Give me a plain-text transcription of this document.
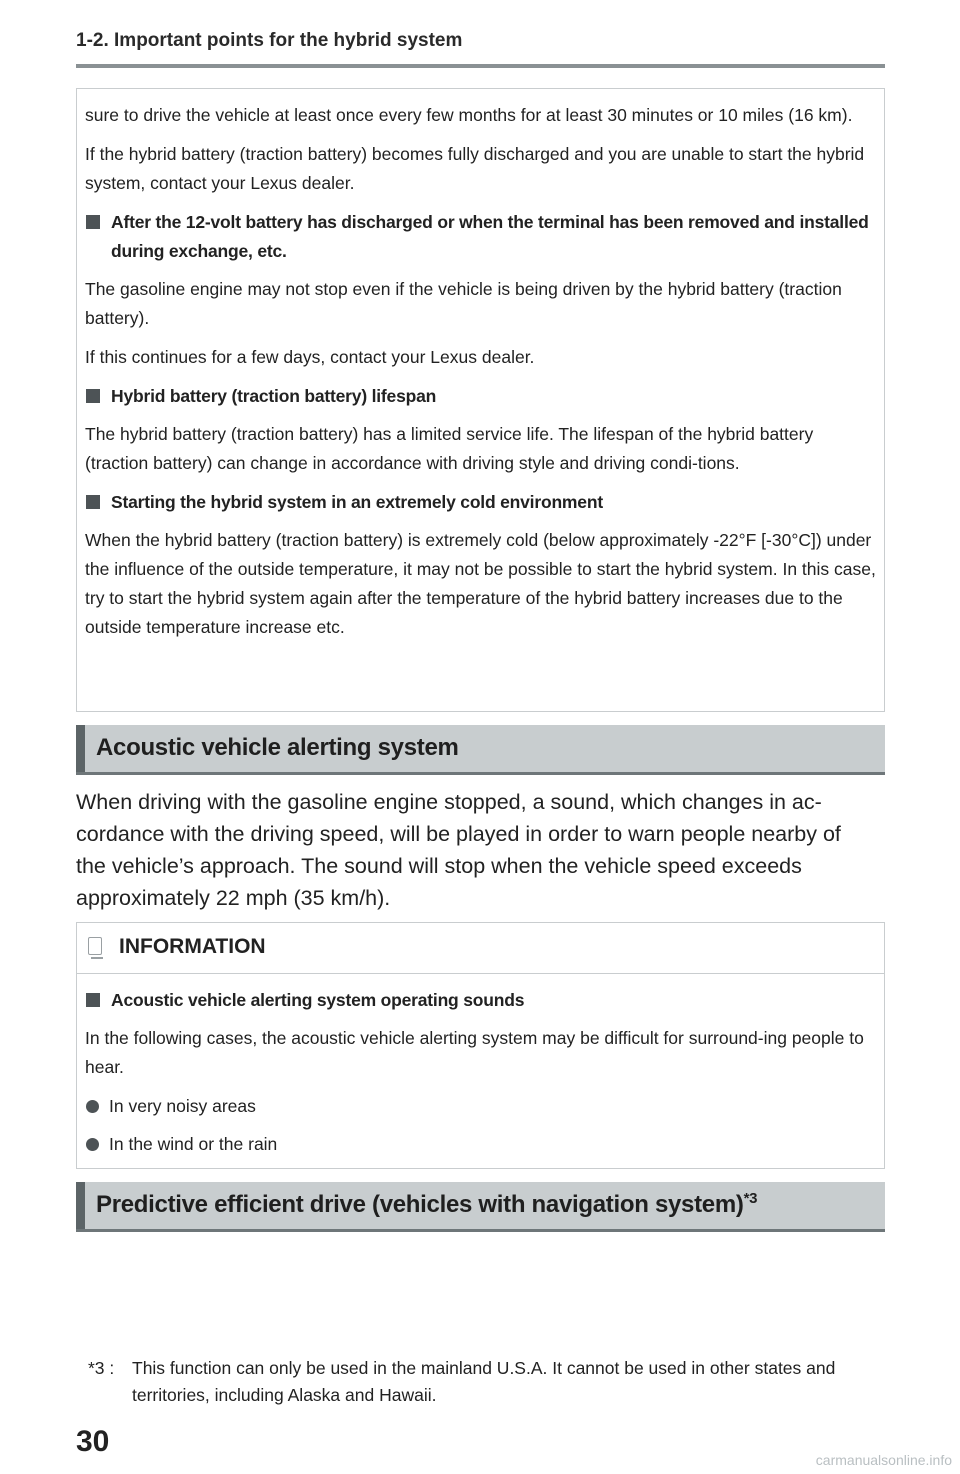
1-2. Important points for the hybrid system

sure to drive the vehicle at least once every few months for at least 30 minutes or 10 miles (16 km).

If the hybrid battery (traction battery) becomes fully discharged and you are unable to start the hybrid system, contact your Lexus dealer.

After the 12-volt battery has discharged or when the terminal has been removed and installed during exchange, etc.

The gasoline engine may not stop even if the vehicle is being driven by the hybrid battery (traction battery).

If this continues for a few days, contact your Lexus dealer.

Hybrid battery (traction battery) lifespan

The hybrid battery (traction battery) has a limited service life. The lifespan of the hybrid battery (traction battery) can change in accordance with driving style and driving condi-tions.

Starting the hybrid system in an extremely cold environment

When the hybrid battery (traction battery) is extremely cold (below approximately -22°F [-30°C]) under the influence of the outside temperature, it may not be possible to start the hybrid system. In this case, try to start the hybrid system again after the temperature of the hybrid battery increases due to the outside temperature increase etc.

Acoustic vehicle alerting system
When driving with the gasoline engine stopped, a sound, which changes in ac-cordance with the driving speed, will be played in order to warn people nearby of the vehicle’s approach. The sound will stop when the vehicle speed exceeds approximately 22 mph (35 km/h).
INFORMATION
Acoustic vehicle alerting system operating sounds

In the following cases, the acoustic vehicle alerting system may be difficult for surround-ing people to hear.

In very noisy areas
In the wind or the rain
Predictive efficient drive (vehicles with navigation system)$^{*3}$
*3 :	This function can only be used in the mainland U.S.A. It cannot be used in other states and territories, including Alaska and Hawaii.
30
carmanualsonline.info
